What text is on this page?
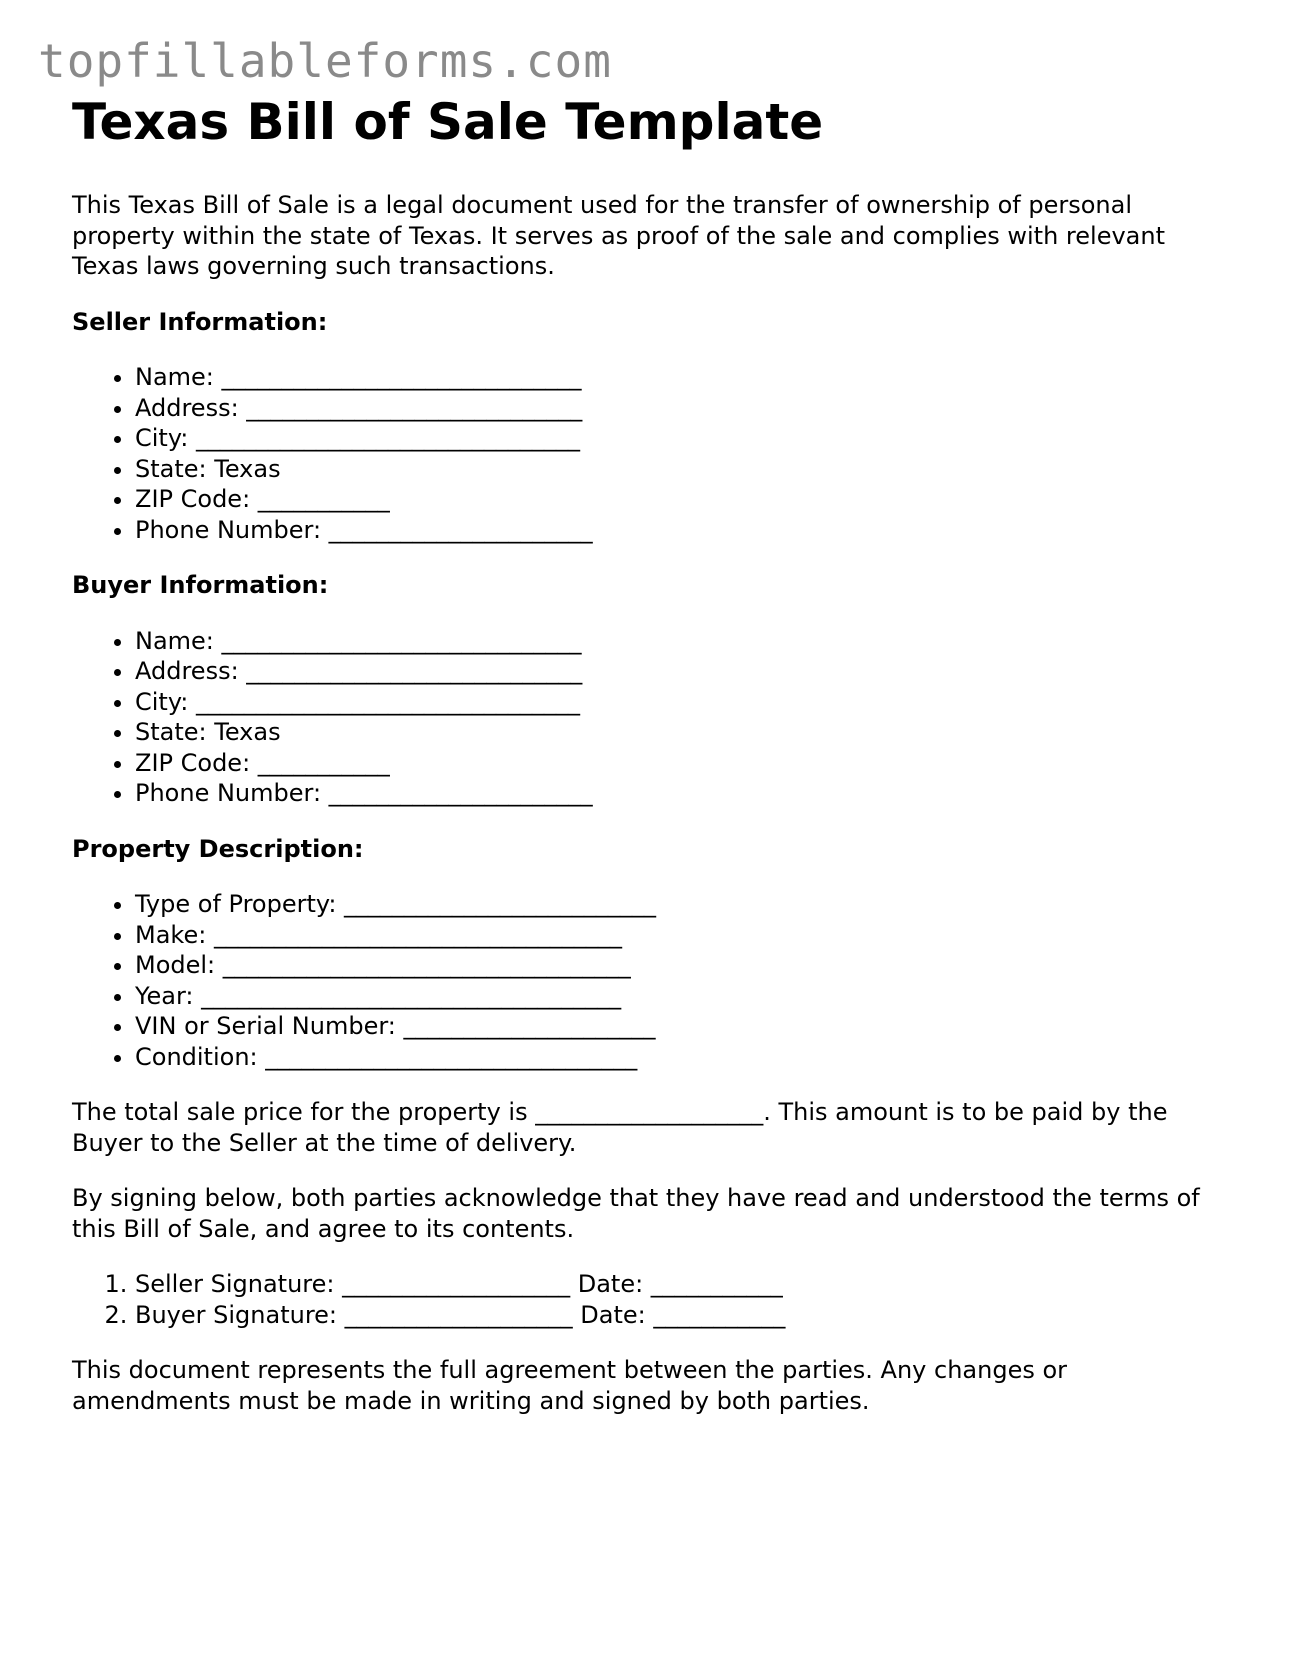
topfillableforms.com
Texas Bill of Sale Template

This Texas Bill of Sale is a legal document used for the transfer of ownership of personal property within the state of Texas. It serves as proof of the sale and complies with relevant Texas laws governing such transactions.

Seller Information:
• Name: ______________________________
• Address: ____________________________
• City: ________________________________
• State: Texas
• ZIP Code: ___________
• Phone Number: ______________________
Buyer Information:
• Name: ______________________________
• Address: ____________________________
• City: ________________________________
• State: Texas
• ZIP Code: ___________
• Phone Number: ______________________
Property Description:
• Type of Property: __________________________
• Make: __________________________________
• Model: __________________________________
• Year: ___________________________________
• VIN or Serial Number: _____________________
• Condition: _______________________________

The total sale price for the property is ___________________. This amount is to be paid by the Buyer to the Seller at the time of delivery.

By signing below, both parties acknowledge that they have read and understood the terms of this Bill of Sale, and agree to its contents.

1. Seller Signature: ___________________ Date: ___________
2. Buyer Signature: ___________________ Date: ___________

This document represents the full agreement between the parties. Any changes or amendments must be made in writing and signed by both parties.
